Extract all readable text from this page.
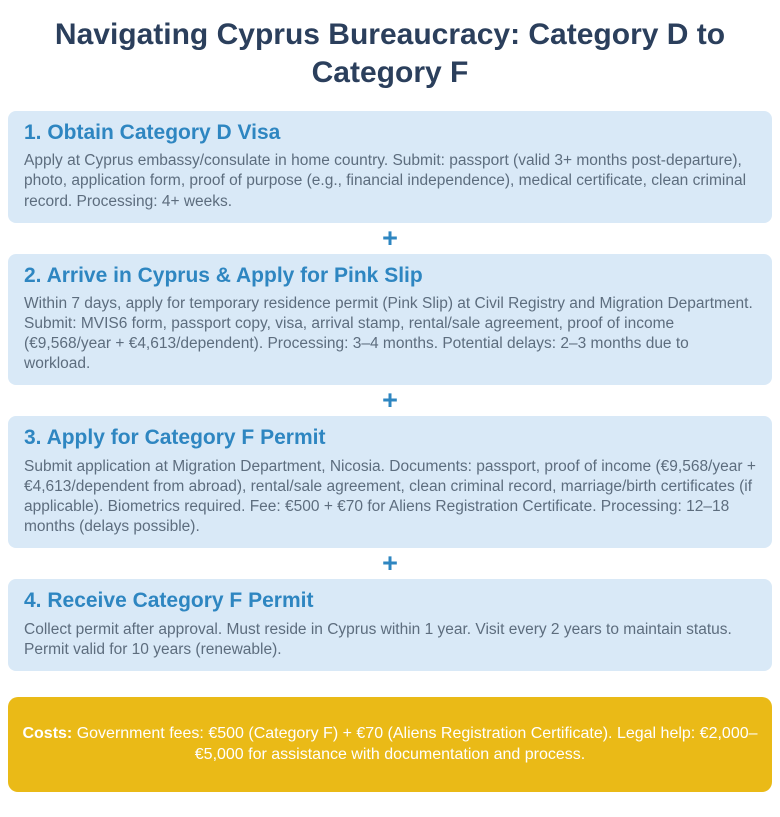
Navigating Cyprus Bureaucracy: Category D to Category F
1. Obtain Category D Visa

Apply at Cyprus embassy/consulate in home country. Submit: passport (valid 3+ months post-departure), photo, application form, proof of purpose (e.g., financial independence), medical certificate, clean criminal record. Processing: 4+ weeks.

+
2. Arrive in Cyprus & Apply for Pink Slip

Within 7 days, apply for temporary residence permit (Pink Slip) at Civil Registry and Migration Department. Submit: MVIS6 form, passport copy, visa, arrival stamp, rental/sale agreement, proof of income (€9,568/year + €4,613/dependent). Processing: 3–4 months. Potential delays: 2–3 months due to workload.

+
3. Apply for Category F Permit

Submit application at Migration Department, Nicosia. Documents: passport, proof of income (€9,568/year + €4,613/dependent from abroad), rental/sale agreement, clean criminal record, marriage/birth certificates (if applicable). Biometrics required. Fee: €500 + €70 for Aliens Registration Certificate. Processing: 12–18 months (delays possible).

+
4. Receive Category F Permit

Collect permit after approval. Must reside in Cyprus within 1 year. Visit every 2 years to maintain status. Permit valid for 10 years (renewable).

Costs: Government fees: €500 (Category F) + €70 (Aliens Registration Certificate). Legal help: €2,000–€5,000 for assistance with documentation and process.
